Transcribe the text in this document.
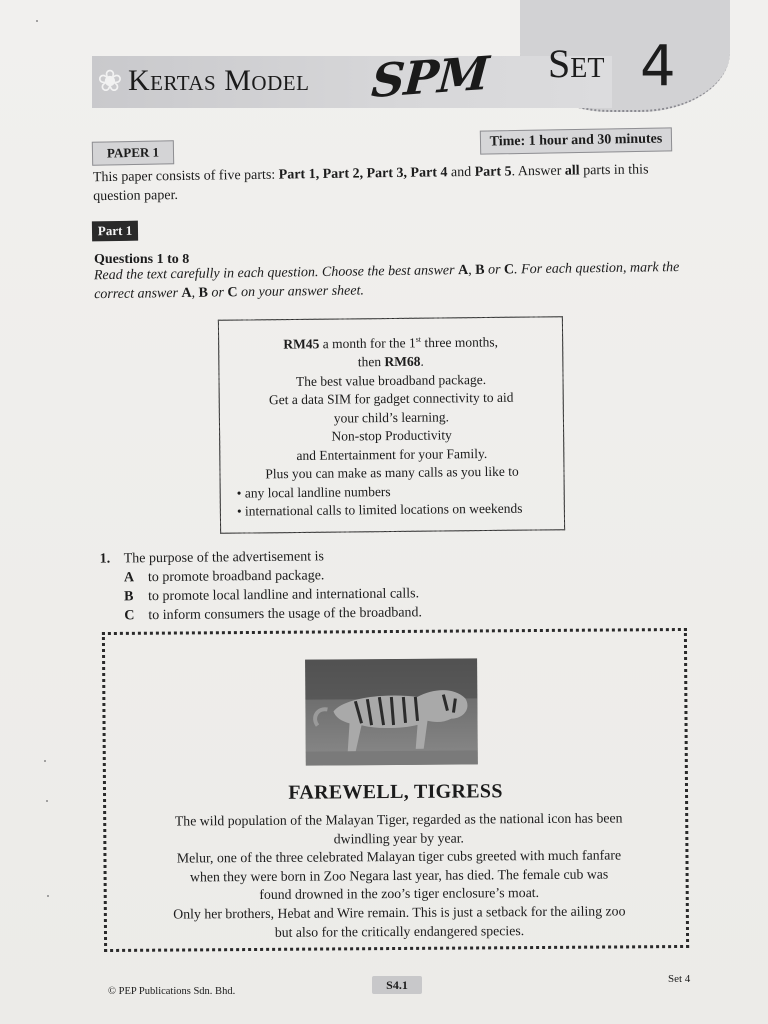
❀ Kertas Model SPM Set 4
PAPER 1
Time: 1 hour and 30 minutes
This paper consists of five parts: Part 1, Part 2, Part 3, Part 4 and Part 5. Answer all parts in this question paper.
Part 1
Questions 1 to 8
Read the text carefully in each question. Choose the best answer A, B or C. For each question, mark the correct answer A, B or C on your answer sheet.
RM45 a month for the 1st three months,
then RM68.
The best value broadband package.
Get a data SIM for gadget connectivity to aid
your child’s learning.
Non-stop Productivity
and Entertainment for your Family.
Plus you can make as many calls as you like to
• any local landline numbers
• international calls to limited locations on weekends
1. The purpose of the advertisement is
A to promote broadband package.
B to promote local landline and international calls.
C to inform consumers the usage of the broadband.
FAREWELL, TIGRESS
The wild population of the Malayan Tiger, regarded as the national icon has been
dwindling year by year.
Melur, one of the three celebrated Malayan tiger cubs greeted with much fanfare
when they were born in Zoo Negara last year, has died. The female cub was
found drowned in the zoo’s tiger enclosure’s moat.
Only her brothers, Hebat and Wire remain. This is just a setback for the ailing zoo
but also for the critically endangered species.
© PEP Publications Sdn. Bhd.	S4.1	Set 4
